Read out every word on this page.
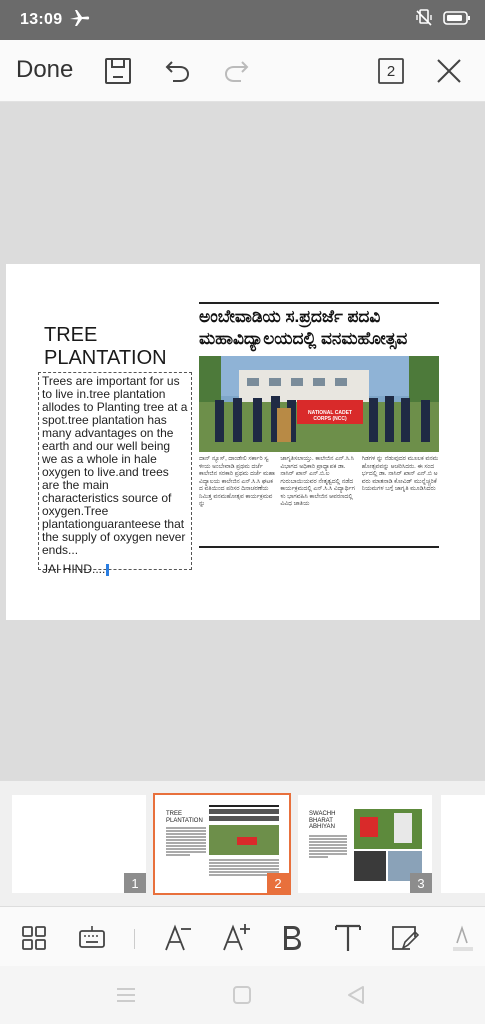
13:09
Done	2
TREE PLANTATION

Trees are important for us to live in.tree plantation allodes to Planting tree at a spot.tree plantation has many advantages on the earth and our well being we as a whole in hale oxygen to live.and trees are the main characteristics source of oxygen.Tree plantationguaranteese that the supply of oxygen never ends...

JAI HIND....
ಅಂಬೇವಾಡಿಯ ಸ.ಪ್ರದರ್ಜೆ ಪದವಿ
ಮಹಾವಿದ್ಯಾಲಯದಲ್ಲಿ ವನಮಹೋತ್ಸವ
NATIONAL CADET CORPS (NCC)
ದಾನ್ ನ್ಯೂಸ್, ದಾಂಡೇಲಿ ಸರ್ಕಾರಿ ಸ್ವಳೀಯ ಅಂಬೇವಾಡಿ ಪ್ರಥಮ ದರ್ಜೆ ಕಾಲೇಜಿನ ಸರಕಾರಿ ಪ್ರಥಮ ದರ್ಜೆ ಮಹಾ ವಿದ್ಯಾಲಯ ಕಾಲೇಜಿನ ಎನ್.ಸಿ.ಸಿ ಘಟಕದ ವತಿಯಿಂದ ಪರಿಸರ ದಿನಾಚರಣೆಯ ನಿಮಿತ್ತ ವನಮಹೋತ್ಸವ ಕಾರ್ಯಕ್ರಮವನ್ನು
ಜಾಗೃತಿಸಲಾಯ್ತು. ಕಾಲೇಜಿನ ಎನ್.ಸಿ.ಸಿ ವಿಭಾಗದ ಅಧಿಕಾರಿ ಪ್ರಾಧ್ಯಾಪಕ ಡಾ. ನಾಸಿರ್ ಖಾನ್ ಎನ್.ಬಿ.ಲಗುರುಬಾಯಿಯವರ ನೇತೃತ್ವದಲ್ಲಿ ನಡೆದ ಕಾರ್ಯಕ್ರಮದಲ್ಲಿ ಎನ್.ಸಿ.ಸಿ ವಿದ್ಯಾರ್ಥಿಗಳು ಭಾಗವಹಿಸಿ ಕಾಲೇಜಿನ ಆವರಣದಲ್ಲಿ ವಿವಿಧ ಜಾತಿಯ
ಗಿಡಗಳ ನ್ನು ನೆಡುವುದರ ಮೂಲಕ ವನಮಹೋತ್ಸವವನ್ನು ಆಚರಿಸಿದರು. ಈ ಸಂದರ್ಭದಲ್ಲಿ ಡಾ. ನಾಸಿರ್ ಖಾನ್ ಎನ್.ಬಿ ಅವರು ಮಾತನಾಡಿ ಕೋವಿಡ್ ಮುನ್ನೆಚ್ಚರಿಕೆ ನಿಯಮಗಳ ಬಗ್ಗೆ ಜಾಗೃತಿ ಮೂಡಿಸಿದರು
1
TREE PLANTATION
2
SWACHH BHARAT ABHIYAN
3
